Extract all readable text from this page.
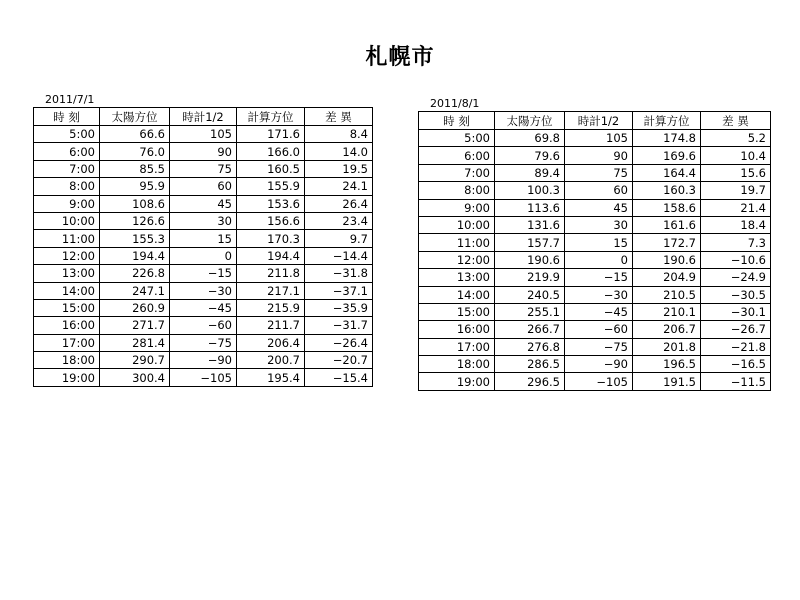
札幌市
2011/7/1
時 刻	太陽方位	時計1/2	計算方位	差 異
5:00	66.6	105	171.6	8.4
6:00	76.0	90	166.0	14.0
7:00	85.5	75	160.5	19.5
8:00	95.9	60	155.9	24.1
9:00	108.6	45	153.6	26.4
10:00	126.6	30	156.6	23.4
11:00	155.3	15	170.3	9.7
12:00	194.4	0	194.4	−14.4
13:00	226.8	−15	211.8	−31.8
14:00	247.1	−30	217.1	−37.1
15:00	260.9	−45	215.9	−35.9
16:00	271.7	−60	211.7	−31.7
17:00	281.4	−75	206.4	−26.4
18:00	290.7	−90	200.7	−20.7
19:00	300.4	−105	195.4	−15.4
2011/8/1
時 刻	太陽方位	時計1/2	計算方位	差 異
5:00	69.8	105	174.8	5.2
6:00	79.6	90	169.6	10.4
7:00	89.4	75	164.4	15.6
8:00	100.3	60	160.3	19.7
9:00	113.6	45	158.6	21.4
10:00	131.6	30	161.6	18.4
11:00	157.7	15	172.7	7.3
12:00	190.6	0	190.6	−10.6
13:00	219.9	−15	204.9	−24.9
14:00	240.5	−30	210.5	−30.5
15:00	255.1	−45	210.1	−30.1
16:00	266.7	−60	206.7	−26.7
17:00	276.8	−75	201.8	−21.8
18:00	286.5	−90	196.5	−16.5
19:00	296.5	−105	191.5	−11.5
